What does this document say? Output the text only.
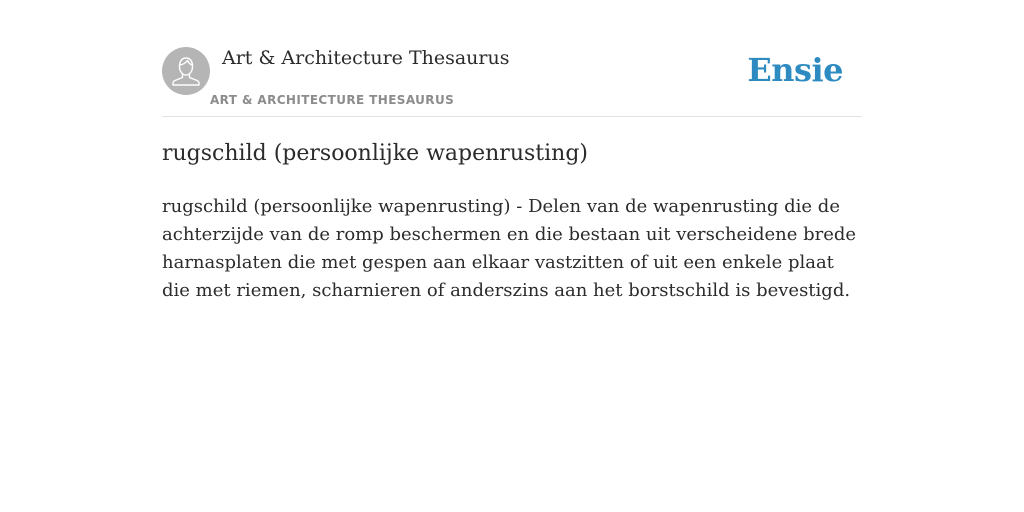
Art & Architecture Thesaurus
ART & ARCHITECTURE THESAURUS
Ensie
rugschild (persoonlijke wapenrusting)

rugschild (persoonlijke wapenrusting) - Delen van de wapenrusting die de achterzijde van de romp beschermen en die bestaan uit verscheidene brede harnasplaten die met gespen aan elkaar vastzitten of uit een enkele plaat die met riemen, scharnieren of anderszins aan het borstschild is bevestigd.
